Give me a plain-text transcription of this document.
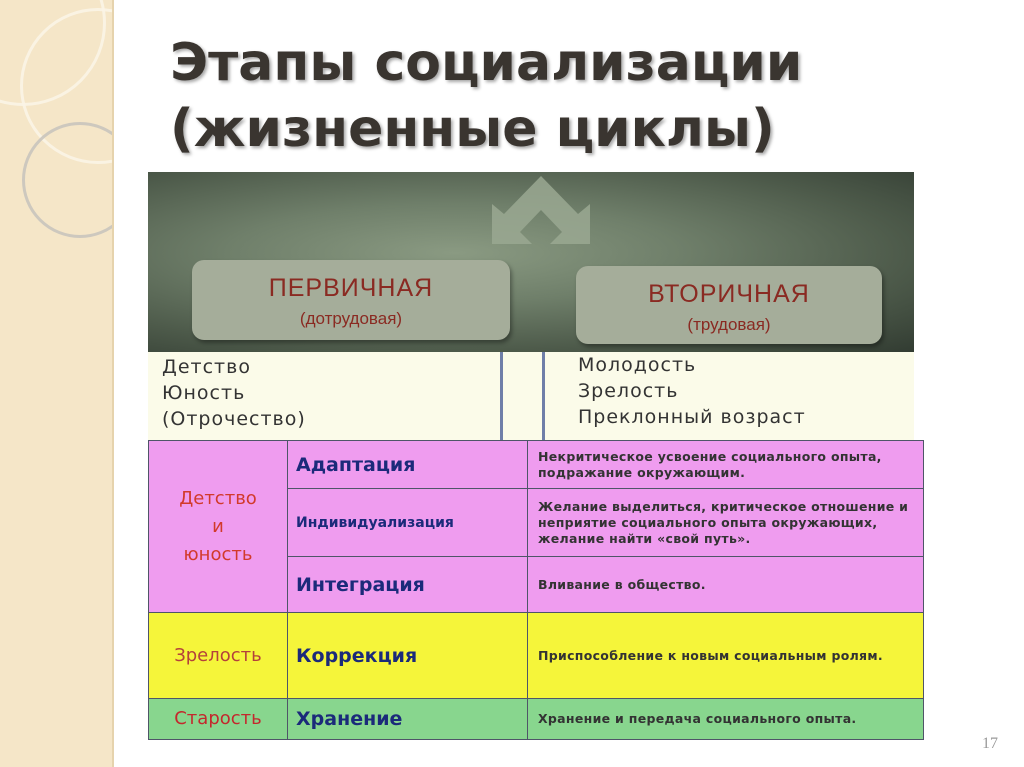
Этапы социализации
(жизненные циклы)
ПЕРВИЧНАЯ
(дотрудовая)
ВТОРИЧНАЯ
(трудовая)
Детство
Юность
(Отрочество)
Молодость
Зрелость
Преклонный возраст
Детство
и
юность	Адаптация	Некритическое усвоение социального опыта, подражание окружающим.
	Индивидуализация	Желание выделиться, критическое отношение и неприятие социального опыта окружающих, желание найти «свой путь».
	Интеграция	Вливание в общество.
Зрелость	Коррекция	Приспособление к новым социальным ролям.
Старость	Хранение	Хранение и передача социального опыта.
17
